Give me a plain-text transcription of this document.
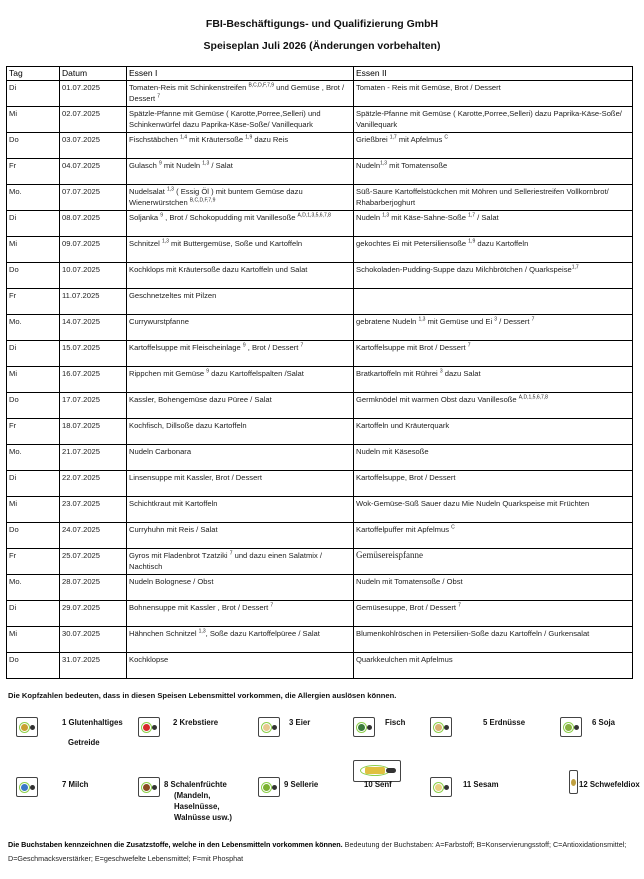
FBI-Beschäftigungs- und Qualifizierung GmbH
Speiseplan Juli 2026 (Änderungen vorbehalten)
Tag	Datum	Essen I	Essen II
Di	01.07.2025	Tomaten-Reis mit Schinkenstreifen $^{B,C,D,F,7,9}$ und Gemüse , Brot / Dessert $^7$	Tomaten - Reis mit Gemüse, Brot / Dessert
Mi	02.07.2025	Spätzle-Pfanne mit Gemüse ( Karotte,Porree,Sellerі) und Schinkenwürfel dazu Paprika-Käse-Soße/ Vanillequark	Spätzle-Pfanne mit Gemüse ( Karotte,Porree,Selleri) dazu Paprika-Käse-Soße/ Vanillequark
Do	03.07.2025	Fischstäbchen $^{1,4}$ mit Kräutersoße $^{1,9}$ dazu Reis	Grießbrei $^{1,7}$ mit Apfelmus $^C$
Fr	04.07.2025	Gulasch $^9$ mit Nudeln $^{1,3}$ / Salat	Nudeln$^{1,3}$ mit Tomatensoße
Mo.	07.07.2025	Nudelsalat $^{1,3}$ ( Essig Öl ) mit buntem Gemüse dazu Wienerwürstchen $^{B,C,D,F,7,9}$	Süß-Saure Kartoffelstückchen mit Möhren und Selleriestreifen Vollkornbrot/ Rhabarberjoghurt
Di	08.07.2025	Soljanka $^9$ , Brot / Schokopudding mit Vanillesoße $^{A,D,1,3,5,6,7,8}$	Nudeln $^{1,3}$ mit Käse-Sahne-Soße $^{1,7}$ / Salat
Mi	09.07.2025	Schnitzel $^{1,3}$ mit Buttergemüse, Soße und Kartoffeln	gekochtes Ei mit Petersiliensoße $^{1,9}$ dazu Kartoffeln
Do	10.07.2025	Kochklops mit Kräutersoße dazu Kartoffeln und Salat	Schokoladen-Pudding-Suppe dazu Milchbrötchen / Quarkspeise$^{1,7}$
Fr	11.07.2025	Geschnetzeltes mit Pilzen	
Mo.	14.07.2025	Currywurstpfanne	gebratene Nudeln $^{1,3}$ mit Gemüse und Ei $^3$ / Dessert $^7$
Di	15.07.2025	Kartoffelsuppe mit Fleischeinlage $^9$ , Brot / Dessert $^7$	Kartoffelsuppe mit Brot / Dessert $^7$
Mi	16.07.2025	Rippchen mit Gemüse $^9$ dazu Kartoffelspalten /Salat	Bratkartoffeln mit Rührei $^3$ dazu Salat
Do	17.07.2025	Kassler, Bohengemüse dazu Püree / Salat	Germknödel mit warmen Obst dazu Vanillesoße $^{A,D,1,5,6,7,8}$
Fr	18.07.2025	Kochfisch, Dillsoße dazu Kartoffeln	Kartoffeln und Kräuterquark
Mo.	21.07.2025	Nudeln Carbonara	Nudeln mit Käsesoße
Di	22.07.2025	Linsensuppe mit Kassler, Brot / Dessert	Kartoffelsuppe, Brot / Dessert
Mi	23.07.2025	Schichtkraut mit Kartoffeln	Wok-Gemüse-Süß Sauer dazu Mie Nudeln Quarkspeise mit Früchten
Do	24.07.2025	Curryhuhn mit Reis / Salat	Kartoffelpuffer mit Apfelmus $^C$
Fr	25.07.2025	Gyros mit Fladenbrot Tzatziki $^7$ und dazu einen Salatmix / Nachtisch	Gemüsereispfanne
Mo.	28.07.2025	Nudeln Bolognese / Obst	Nudeln mit Tomatensoße / Obst
Di	29.07.2025	Bohnensuppe mit Kassler , Brot / Dessert $^7$	Gemüsesuppe, Brot / Dessert $^7$
Mi	30.07.2025	Hähnchen Schnitzel $^{1,3}$, Soße dazu Kartoffelpüree / Salat	Blumenkohlröschen in Petersilien-Soße dazu Kartoffeln / Gurkensalat
Do	31.07.2025	Kochklopse	Quarkkeulchen mit Apfelmus
Die Kopfzahlen bedeuten, dass in diesen Speisen Lebensmittel vorkommen, die Allergien auslösen können.
1 Glutenhaltiges
Getreide
2 Krebstiere	3 Eier	Fisch	5 Erdnüsse	6 Soja
7 Milch	8 Schalenfrüchte
(Mandeln,
Haselnüsse,
Walnüsse usw.)
9 Sellerie	10 Senf	11 Sesam	12 Schwefeldiox
Die Buchstaben kennzeichnen die Zusatzstoffe, welche in den Lebensmitteln vorkommen können. Bedeutung der Buchstaben: A=Farbstoff; B=Konservierungsstoff; C=Antioxidationsmittel; D=Geschmacksverstärker; E=geschwefelte Lebensmittel; F=mit Phosphat
